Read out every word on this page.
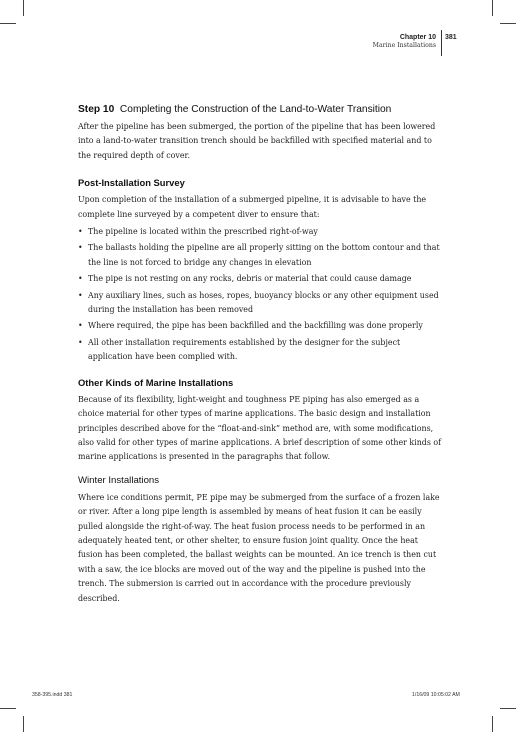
Chapter 10
Marine Installations
381
Step 10 Completing the Construction of the Land-to-Water Transition

After the pipeline has been submerged, the portion of the pipeline that has been lowered into a land-to-water transition trench should be backfilled with specified material and to the required depth of cover.

Post-Installation Survey

Upon completion of the installation of a submerged pipeline, it is advisable to have the complete line surveyed by a competent diver to ensure that:

• The pipeline is located within the prescribed right-of-way
• The ballasts holding the pipeline are all properly sitting on the bottom contour and that the line is not forced to bridge any changes in elevation
• The pipe is not resting on any rocks, debris or material that could cause damage
• Any auxiliary lines, such as hoses, ropes, buoyancy blocks or any other equipment used during the installation has been removed
• Where required, the pipe has been backfilled and the backfilling was done properly
• All other installation requirements established by the designer for the subject application have been complied with.
Other Kinds of Marine Installations

Because of its flexibility, light-weight and toughness PE piping has also emerged as a choice material for other types of marine applications. The basic design and installation principles described above for the “float-and-sink” method are, with some modifications, also valid for other types of marine applications. A brief description of some other kinds of marine applications is presented in the paragraphs that follow.

Winter Installations

Where ice conditions permit, PE pipe may be submerged from the surface of a frozen lake or river. After a long pipe length is assembled by means of heat fusion it can be easily pulled alongside the right-of-way. The heat fusion process needs to be performed in an adequately heated tent, or other shelter, to ensure fusion joint quality. Once the heat fusion has been completed, the ballast weights can be mounted. An ice trench is then cut with a saw, the ice blocks are moved out of the way and the pipeline is pushed into the trench. The submersion is carried out in accordance with the procedure previously described.

358-395.indd 381	1/16/09 10:05:02 AM
